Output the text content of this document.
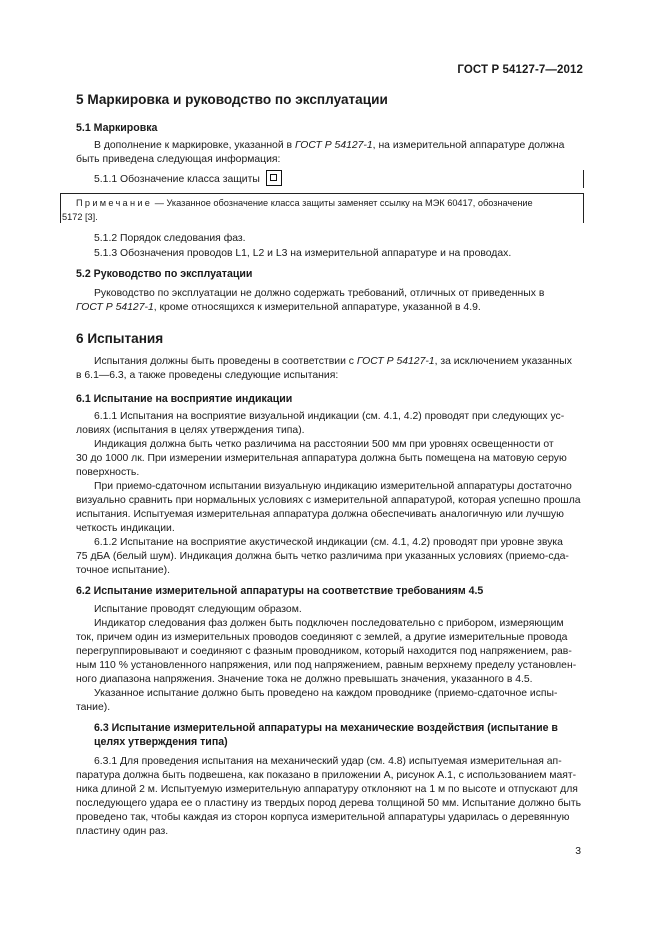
ГОСТ Р 54127-7—2012
5 Маркировка и руководство по эксплуатации
5.1 Маркировка
В дополнение к маркировке, указанной в ГОСТ Р 54127-1, на измерительной аппаратуре должна
быть приведена следующая информация:
5.1.1 Обозначение класса защиты
Примечание — Указанное обозначение класса защиты заменяет ссылку на МЭК 60417, обозначение
5172 [3].
5.1.2 Порядок следования фаз.
5.1.3 Обозначения проводов L1, L2 и L3 на измерительной аппаратуре и на проводах.
5.2 Руководство по эксплуатации
Руководство по эксплуатации не должно содержать требований, отличных от приведенных в
ГОСТ Р 54127-1, кроме относящихся к измерительной аппаратуре, указанной в 4.9.
6 Испытания
Испытания должны быть проведены в соответствии с ГОСТ Р 54127-1, за исключением указанных
в 6.1—6.3, а также проведены следующие испытания:
6.1 Испытание на восприятие индикации
6.1.1 Испытания на восприятие визуальной индикации (см. 4.1, 4.2) проводят при следующих ус-
ловиях (испытания в целях утверждения типа).
Индикация должна быть четко различима на расстоянии 500 мм при уровнях освещенности от
30 до 1000 лк. При измерении измерительная аппаратура должна быть помещена на матовую серую
поверхность.
При приемо-сдаточном испытании визуальную индикацию измерительной аппаратуры достаточно
визуально сравнить при нормальных условиях с измерительной аппаратурой, которая успешно прошла
испытания. Испытуемая измерительная аппаратура должна обеспечивать аналогичную или лучшую
четкость индикации.
6.1.2 Испытание на восприятие акустической индикации (см. 4.1, 4.2) проводят при уровне звука
75 дБА (белый шум). Индикация должна быть четко различима при указанных условиях (приемо-сда-
точное испытание).
6.2 Испытание измерительной аппаратуры на соответствие требованиям 4.5
Испытание проводят следующим образом.
Индикатор следования фаз должен быть подключен последовательно с прибором, измеряющим
ток, причем один из измерительных проводов соединяют с землей, а другие измерительные провода
перегруппировывают и соединяют с фазным проводником, который находится под напряжением, рав-
ным 110 % установленного напряжения, или под напряжением, равным верхнему пределу установлен-
ного диапазона напряжения. Значение тока не должно превышать значения, указанного в 4.5.
Указанное испытание должно быть проведено на каждом проводнике (приемо-сдаточное испы-
тание).
6.3 Испытание измерительной аппаратуры на механические воздействия (испытание в
целях утверждения типа)
6.3.1 Для проведения испытания на механический удар (см. 4.8) испытуемая измерительная ап-
паратура должна быть подвешена, как показано в приложении А, рисунок А.1, с использованием маят-
ника длиной 2 м. Испытуемую измерительную аппаратуру отклоняют на 1 м по высоте и отпускают для
последующего удара ее о пластину из твердых пород дерева толщиной 50 мм. Испытание должно быть
проведено так, чтобы каждая из сторон корпуса измерительной аппаратуры ударилась о деревянную
пластину один раз.
3
